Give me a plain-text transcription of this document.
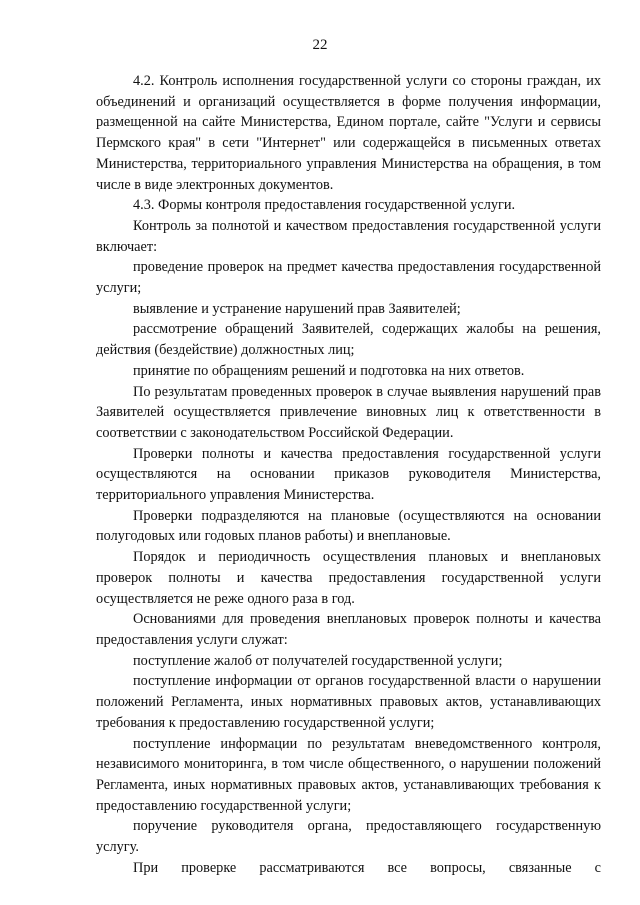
22

4.2. Контроль исполнения государственной услуги со стороны граждан, их объединений и организаций осуществляется в форме получения информации, размещенной на сайте Министерства, Едином портале, сайте "Услуги и сервисы Пермского края" в сети "Интернет" или содержащейся в письменных ответах Министерства, территориального управления Министерства на обращения, в том числе в виде электронных документов.

4.3. Формы контроля предоставления государственной услуги.

Контроль за полнотой и качеством предоставления государственной услуги включает:

проведение проверок на предмет качества предоставления государственной услуги;

выявление и устранение нарушений прав Заявителей;

рассмотрение обращений Заявителей, содержащих жалобы на решения, действия (бездействие) должностных лиц;

принятие по обращениям решений и подготовка на них ответов.

По результатам проведенных проверок в случае выявления нарушений прав Заявителей осуществляется привлечение виновных лиц к ответственности в соответствии с законодательством Российской Федерации.

Проверки полноты и качества предоставления государственной услуги осуществляются на основании приказов руководителя Министерства, территориального управления Министерства.

Проверки подразделяются на плановые (осуществляются на основании полугодовых или годовых планов работы) и внеплановые.

Порядок и периодичность осуществления плановых и внеплановых проверок полноты и качества предоставления государственной услуги осуществляется не реже одного раза в год.

Основаниями для проведения внеплановых проверок полноты и качества предоставления услуги служат:

поступление жалоб от получателей государственной услуги;

поступление информации от органов государственной власти о нарушении положений Регламента, иных нормативных правовых актов, устанавливающих требования к предоставлению государственной услуги;

поступление информации по результатам вневедомственного контроля, независимого мониторинга, в том числе общественного, о нарушении положений Регламента, иных нормативных правовых актов, устанавливающих требования к предоставлению государственной услуги;

поручение руководителя органа, предоставляющего государственную услугу.

При проверке рассматриваются все вопросы, связанные с
